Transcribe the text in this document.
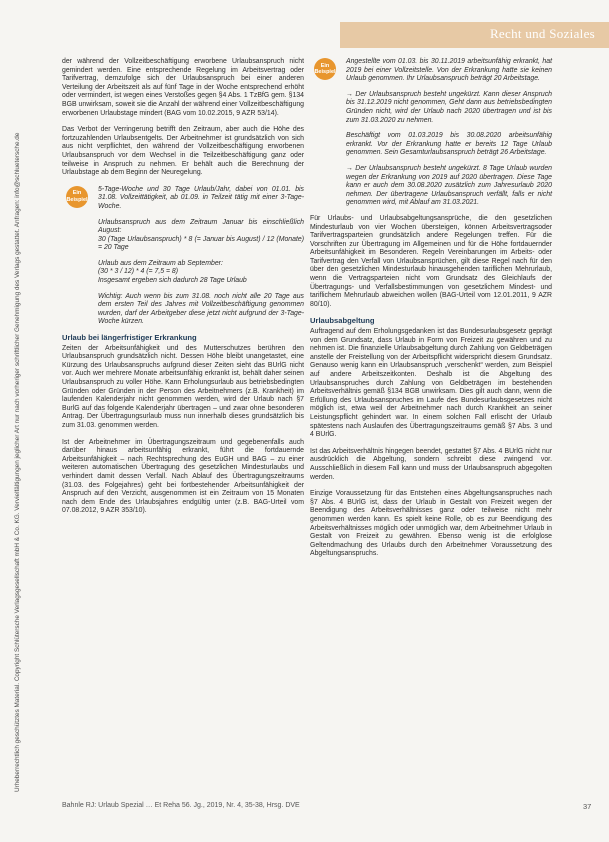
Recht und Soziales
Urheberrechtlich geschütztes Material. Copyright Schlütersche Verlagsgesellschaft mbH & Co. KG. Vervielfältigungen jeglicher Art nur nach vorheriger schriftlicher Genehmigung des Verlags gestattet. Anfragen: info@schluetersche.de

der während der Vollzeitbeschäftigung erworbene Urlaubsanspruch nicht gemindert werden. Eine entsprechende Regelung im Arbeitsvertrag oder Tarifvertrag, demzufolge sich der Urlaubsanspruch bei einer anderen Verteilung der Arbeitszeit als auf fünf Tage in der Woche entsprechend erhöht oder vermindert, ist wegen eines Verstoßes gegen §4 Abs. 1 TzBfG gem. §134 BGB unwirksam, soweit sie die Anzahl der während einer Vollzeitbeschäftigung erworbenen Urlaubstage mindert (BAG vom 10.02.2015, 9 AZR 53/14).

Das Verbot der Verringerung betrifft den Zeitraum, aber auch die Höhe des fortzuzahlenden Urlaubsentgelts. Der Arbeitnehmer ist grundsätzlich von sich aus nicht verpflichtet, den während der Vollzeitbeschäftigung erworbenen Urlaubsanspruch vor dem Wechsel in die Teilzeitbeschäftigung ganz oder teilweise in Anspruch zu nehmen. Er behält auch die Berechnung der Urlaubstage ab dem Beginn der Neuregelung.

Ein Beispiel

5-Tage-Woche und 30 Tage Urlaub/Jahr, dabei von 01.01. bis 31.08. Vollzeittätigkeit, ab 01.09. in Teilzeit tätig mit einer 3-Tage-Woche.

Urlaubsanspruch aus dem Zeitraum Januar bis einschließlich August:

30 (Tage Urlaubsanspruch) * 8 (= Januar bis August) / 12 (Monate) = 20 Tage

Urlaub aus dem Zeitraum ab September:

(30 * 3 / 12) * 4 (= 7,5 = 8)

Insgesamt ergeben sich dadurch 28 Tage Urlaub

Wichtig: Auch wenn bis zum 31.08. noch nicht alle 20 Tage aus dem ersten Teil des Jahres mit Vollzeitbeschäftigung genommen wurden, darf der Arbeitgeber diese jetzt nicht aufgrund der 3-Tage-Woche kürzen.

Urlaub bei längerfristiger Erkrankung

Zeiten der Arbeitsunfähigkeit und des Mutterschutzes berühren den Urlaubsanspruch grundsätzlich nicht. Dessen Höhe bleibt unangetastet, eine Kürzung des Urlaubsanspruchs aufgrund dieser Zeiten sieht das BUrlG nicht vor. Auch wer mehrere Monate arbeitsunfähig erkrankt ist, behält daher seinen Urlaubsanspruch zu voller Höhe. Kann Erholungsurlaub aus betriebsbedingten Gründen oder Gründen in der Person des Arbeitnehmers (z.B. Krankheit) im laufenden Kalenderjahr nicht genommen werden, wird der Urlaub nach §7 BurlG auf das folgende Kalenderjahr übertragen – und zwar ohne besonderen Antrag. Der Übertragungsurlaub muss nun innerhalb dieses grundsätzlich bis zum 31.03. genommen werden.

Ist der Arbeitnehmer im Übertragungszeitraum und gegebenenfalls auch darüber hinaus arbeitsunfähig erkrankt, führt die fortdauernde Arbeitsunfähigkeit – nach Rechtsprechung des EuGH und BAG – zu einer weiteren automatischen Übertragung des gesetzlichen Mindesturlaubs und verhindert damit dessen Verfall. Nach Ablauf des Übertragungszeitraums (31.03. des Folgejahres) geht bei fortbestehender Arbeitsunfähigkeit der Anspruch auf den Verzicht, ausgenommen ist ein Zeitraum von 15 Monaten nach dem Ende des Urlaubsjahres endgültig unter (z.B. BAG-Urteil vom 07.08.2012, 9 AZR 353/10).

Ein Beispiel

Angestellte vom 01.03. bis 30.11.2019 arbeitsunfähig erkrankt, hat 2019 bei einer Vollzeitstelle. Von der Erkrankung hatte sie keinen Urlaub genommen. Ihr Urlaubsanspruch beträgt 20 Arbeitstage.

→ Der Urlaubsanspruch besteht ungekürzt. Kann dieser Anspruch bis 31.12.2019 nicht genommen, Geht dann aus betriebsbedingten Gründen nicht, wird der Urlaub nach 2020 übertragen und ist bis zum 31.03.2020 zu nehmen.

Beschäftigt vom 01.03.2019 bis 30.08.2020 arbeitsunfähig erkrankt. Vor der Erkrankung hatte er bereits 12 Tage Urlaub genommen. Sein Gesamturlaubsanspruch beträgt 26 Arbeitstage.

→ Der Urlaubsanspruch besteht ungekürzt. 8 Tage Urlaub wurden wegen der Erkrankung von 2019 auf 2020 übertragen. Diese Tage kann er auch dem 30.08.2020 zusätzlich zum Jahresurlaub 2020 nehmen. Der übertragene Urlaubsanspruch verfällt, falls er nicht genommen wird, mit Ablauf am 31.03.2021.

Für Urlaubs- und Urlaubsabgeltungsansprüche, die den gesetzlichen Mindesturlaub von vier Wochen übersteigen, können Arbeitsvertragsoder Tarifvertragsparteien grundsätzlich andere Regelungen treffen. Für die Vorschriften zur Übertragung im Allgemeinen und für die Höhe fortdauernder Arbeitsunfähigkeit im Besonderen. Regeln Vereinbarungen im Arbeits- oder Tarifvertrag den Verfall von Urlaubsansprüchen, gilt diese Regel nach für den über den gesetzlichen Mindesturlaub hinausgehenden tariflichen Mehrurlaub, wenn die Vertragsparteien nicht vom Grundsatz des Gleichlaufs der Übertragungs- und Verfallsbestimmungen von gesetzlichem Mindest- und tariflichem Mehrurlaub abweichen wollen (BAG-Urteil vom 12.01.2011, 9 AZR 80/10).

Urlaubsabgeltung

Auftragend auf dem Erholungsgedanken ist das Bundesurlaubsgesetz geprägt von dem Grundsatz, dass Urlaub in Form von Freizeit zu gewähren und zu nehmen ist. Die finanzielle Urlaubsabgeltung durch Zahlung von Geldbeträgen anstelle der Freistellung von der Arbeitspflicht widerspricht diesem Grundsatz. Genauso wenig kann ein Urlaubsanspruch „verschenkt“ werden, zum Beispiel auf andere Arbeitszeitkonten. Deshalb ist die Abgeltung des Urlaubsanspruches durch Zahlung von Geldbeträgen im bestehenden Arbeitsverhältnis gemäß §134 BGB unwirksam. Dies gilt auch dann, wenn die Erfüllung des Urlaubsanspruches im Laufe des Bundesurlaubsgesetzes nicht möglich ist, etwa weil der Arbeitnehmer nach durch Krankheit an seiner Leistungspflicht gehindert war. In einem solchen Fall erlischt der Urlaub spätestens nach Auslaufen des Übertragungszeitraums gemäß §7 Abs. 3 und 4 BUrlG.

Ist das Arbeitsverhältnis hingegen beendet, gestattet §7 Abs. 4 BUrlG nicht nur ausdrücklich die Abgeltung, sondern schreibt diese zwingend vor. Ausschließlich in diesem Fall kann und muss der Urlaubsanspruch abgegolten werden.

Einzige Voraussetzung für das Entstehen eines Abgeltungsanspruches nach §7 Abs. 4 BUrlG ist, dass der Urlaub in Gestalt von Freizeit wegen der Beendigung des Arbeitsverhältnisses ganz oder teilweise nicht mehr genommen werden kann. Es spielt keine Rolle, ob es zur Beendigung des Arbeitsverhältnisses möglich oder unmöglich war, dem Arbeitnehmer Urlaub in Gestalt von Freizeit zu gewähren. Ebenso wenig ist die erfolglose Geltendmachung des Urlaubs durch den Arbeitnehmer Voraussetzung des Abgeltungsanspruchs.

Bahnle RJ: Urlaub Spezial … Et Reha 56. Jg., 2019, Nr. 4, 35-38, Hrsg. DVE	37
